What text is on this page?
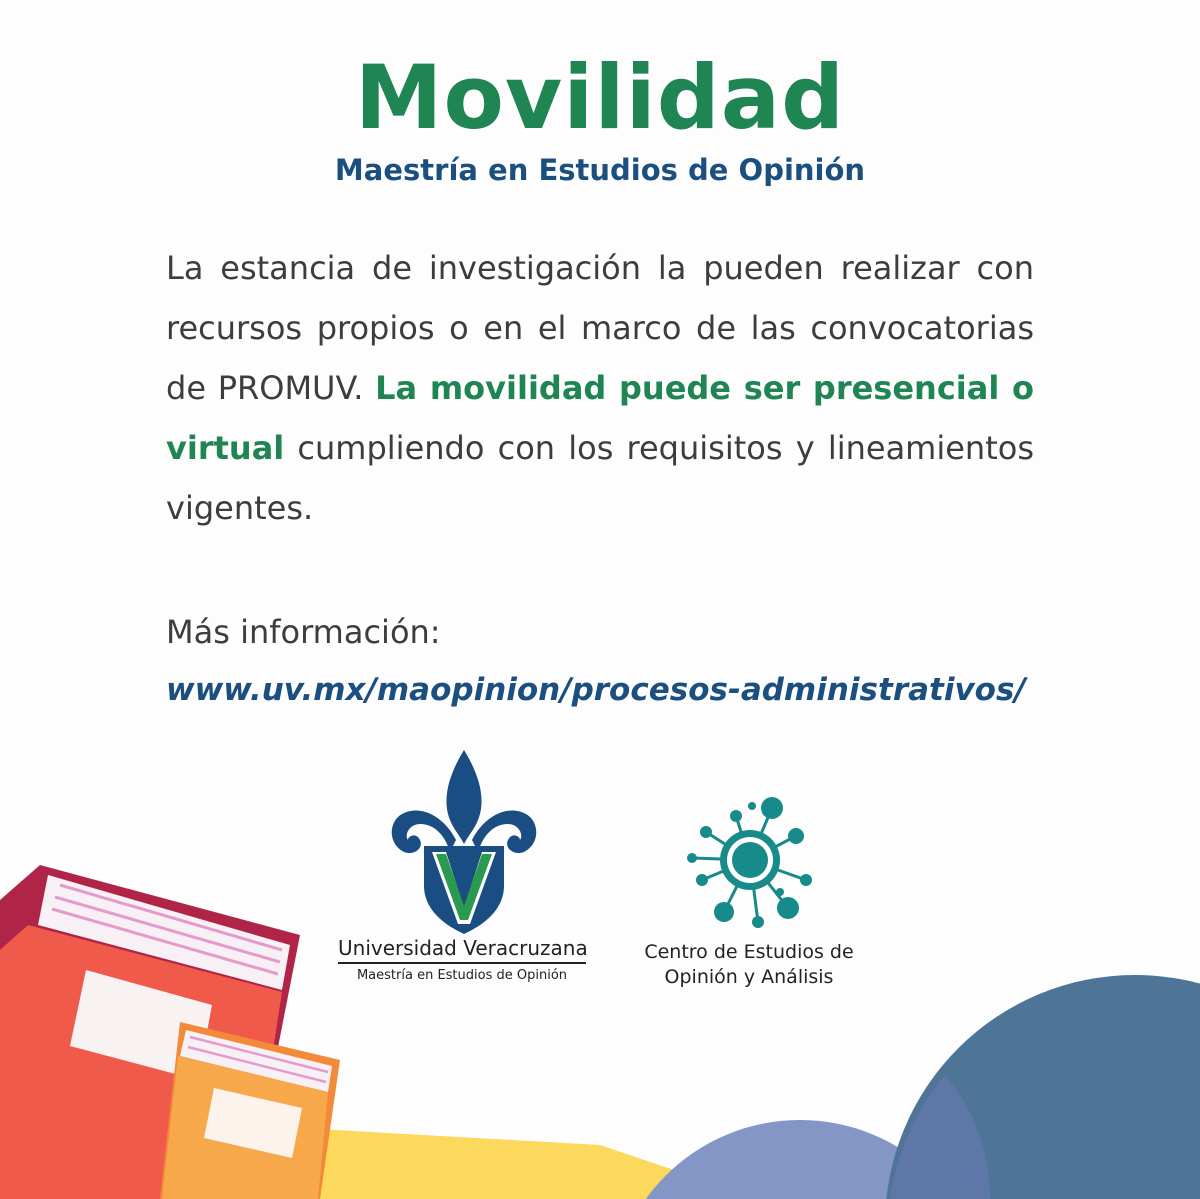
Movilidad
Maestría en Estudios de Opinión

La estancia de investigación la pueden realizar con recursos propios o en el marco de las convocatorias de PROMUV. La movilidad puede ser presencial o virtual cumpliendo con los requisitos y lineamientos vigentes.

Más información:

www.uv.mx/maopinion/procesos-administrativos/
Universidad Veracruzana
Maestría en Estudios de Opinión
Centro de Estudios de Opinión y Análisis
